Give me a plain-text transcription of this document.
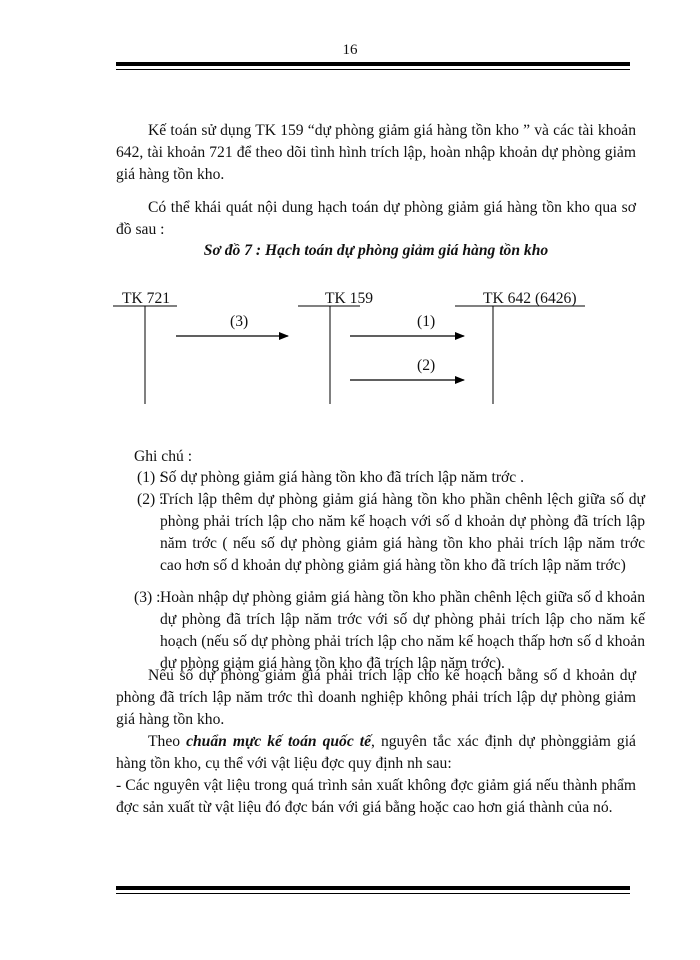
16
Kế toán sử dụng TK 159 “dự phòng giảm giá hàng tồn kho ” và các tài khoản 642, tài khoản 721 để theo dõi tình hình trích lập, hoàn nhập khoản dự phòng giảm giá hàng tồn kho.
Có thể khái quát nội dung hạch toán dự phòng giảm giá hàng tồn kho qua sơ đồ sau :
Sơ đồ 7 : Hạch toán dự phòng giảm giá hàng tồn kho
TK 721	TK 159	TK 642 (6426)
(3)	(1)
(2)
Ghi chú :
(1) :
Số dự phòng giảm giá hàng tồn kho đã trích lập năm trớc .
(2) :
Trích lập thêm dự phòng giảm giá hàng tồn kho phần chênh lệch giữa số dự phòng phải trích lập cho năm kế hoạch với số d khoản dự phòng đã trích lập năm trớc ( nếu số dự phòng giảm giá hàng tồn kho phải trích lập năm trớc cao hơn số d khoản dự phòng giảm giá hàng tồn kho đã trích lập năm trớc)
(3) : Hoàn nhập dự phòng giảm giá hàng tồn kho phần chênh lệch giữa số d khoản dự phòng đã trích lập năm trớc với số dự phòng phải trích lập cho năm kế hoạch (nếu số dự phòng phải trích lập cho năm kế hoạch thấp hơn số d khoản dự phòng giảm giá hàng tồn kho đã trích lập năm trớc).
Nếu số dự phòng giảm giá phải trích lập cho kế hoạch bằng số d khoản dự phòng đã trích lập năm trớc thì doanh nghiệp không phải trích lập dự phòng giảm giá hàng tồn kho.
Theo chuẩn mực kế toán quốc tế, nguyên tắc xác định dự phònggiảm giá hàng tồn kho, cụ thể với vật liệu đợc quy định nh sau:
- Các nguyên vật liệu trong quá trình sản xuất không đợc giảm giá nếu thành phẩm đợc sản xuất từ vật liệu đó đợc bán với giá bằng hoặc cao hơn giá thành của nó.
